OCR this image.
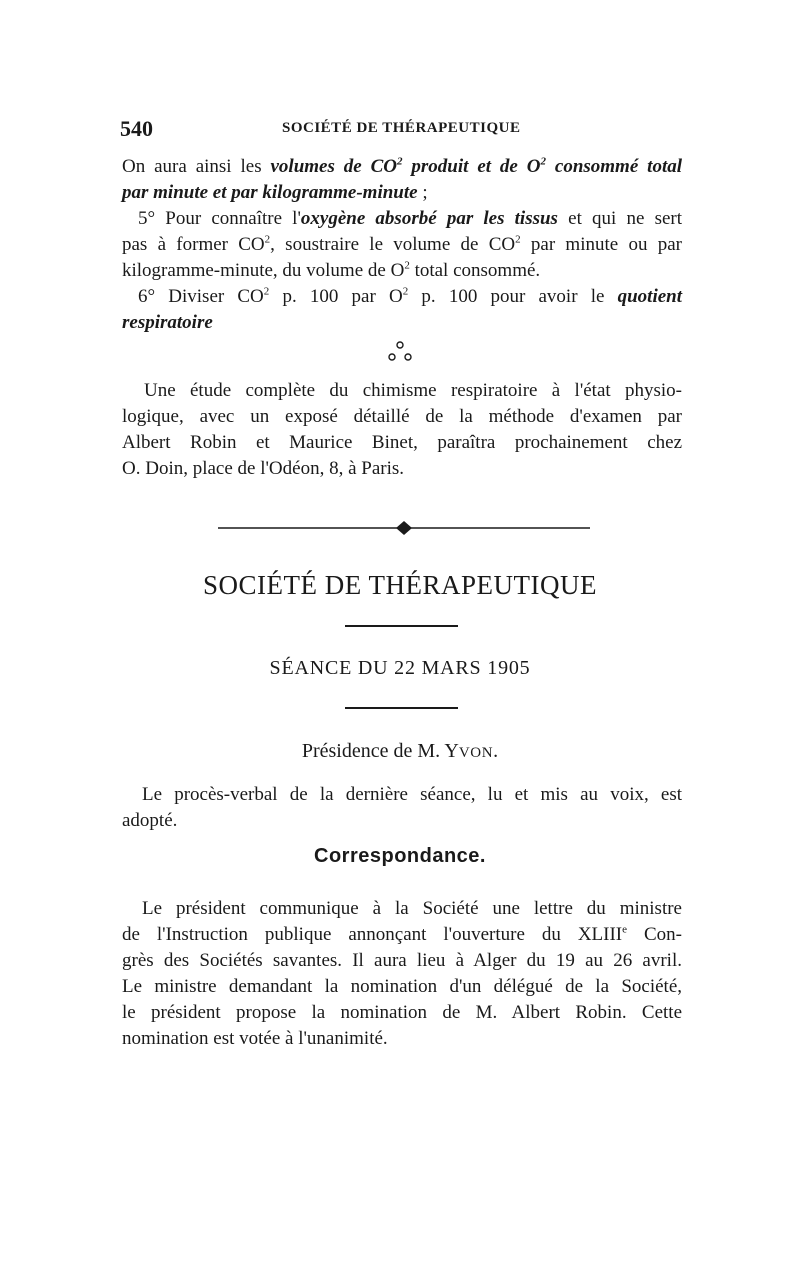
540	SOCIÉTÉ DE THÉRAPEUTIQUE
On aura ainsi les volumes de $CO^2$ produit et de $O^2$ consommé total
par minute et par kilogramme-minute ;
5° Pour connaître l'oxygène absorbé par les tissus et qui ne sert
pas à former $CO^2$, soustraire le volume de $CO^2$ par minute ou par
kilogramme-minute, du volume de $O^2$ total consommé.
6° Diviser $CO^2$ p. 100 par $O^2$ p. 100 pour avoir le quotient
respiratoire
Une étude complète du chimisme respiratoire à l'état physio-
logique, avec un exposé détaillé de la méthode d'examen par
Albert Robin et Maurice Binet, paraîtra prochainement chez
O. Doin, place de l'Odéon, 8, à Paris.
SOCIÉTÉ DE THÉRAPEUTIQUE
SÉANCE DU 22 MARS 1905
Présidence de M. YVON.
Le procès-verbal de la dernière séance, lu et mis au voix, est
adopté.
Correspondance.
Le président communique à la Société une lettre du ministre
de l'Instruction publique annonçant l'ouverture du XLIIIe Con-
grès des Sociétés savantes. Il aura lieu à Alger du 19 au 26 avril.
Le ministre demandant la nomination d'un délégué de la Société,
le président propose la nomination de M. Albert Robin. Cette
nomination est votée à l'unanimité.
